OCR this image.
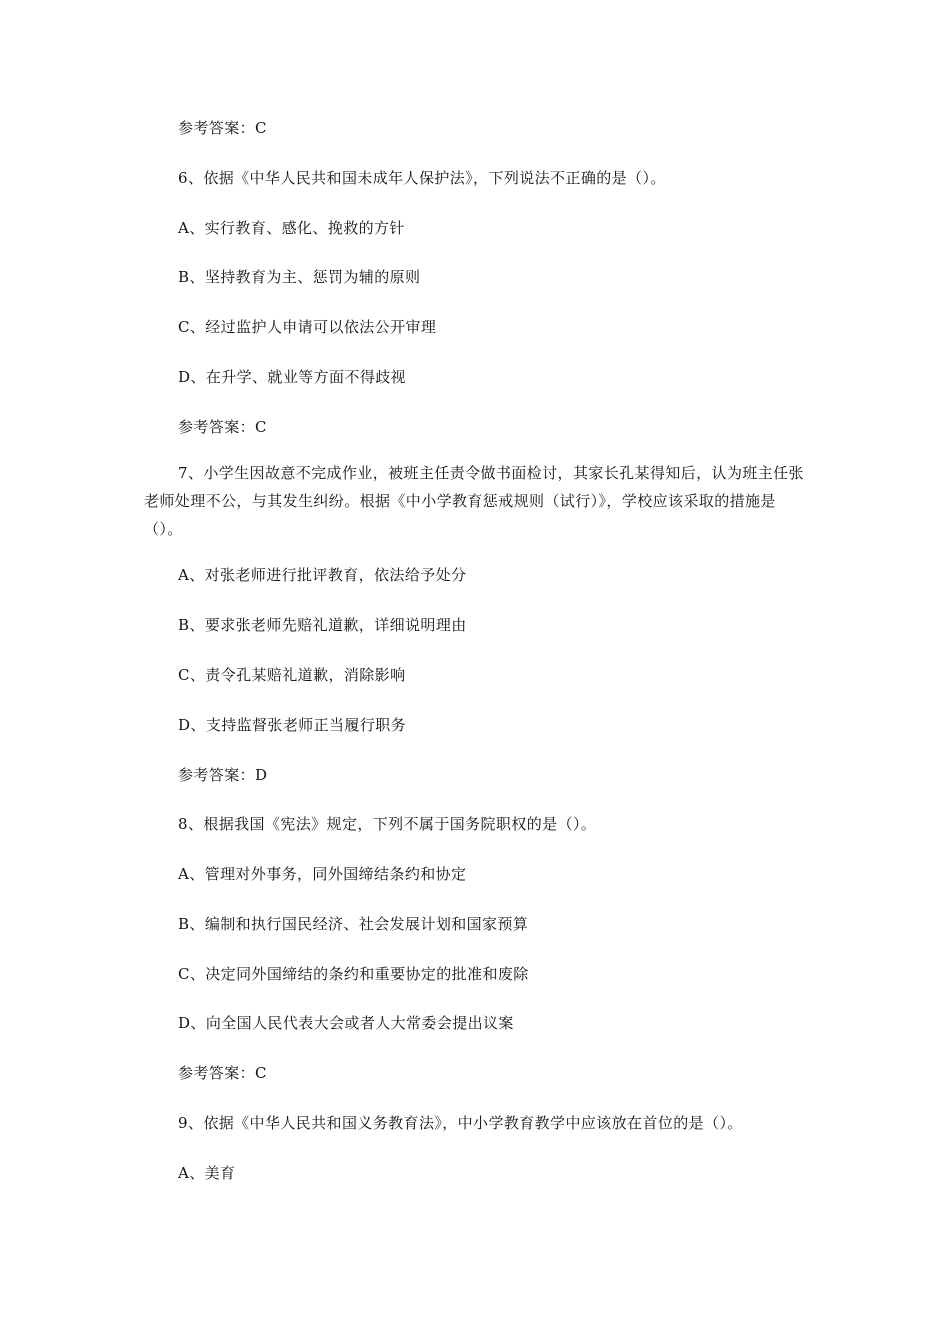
参考答案：C
6、依据《中华人民共和国未成年人保护法》，下列说法不正确的是（）。
A、实行教育、感化、挽救的方针
B、坚持教育为主、惩罚为辅的原则
C、经过监护人申请可以依法公开审理
D、在升学、就业等方面不得歧视
参考答案：C
7、小学生因故意不完成作业，被班主任责令做书面检讨，其家长孔某得知后，认为班主任张老师处理不公，与其发生纠纷。根据《中小学教育惩戒规则（试行）》，学校应该采取的措施是（）。
A、对张老师进行批评教育，依法给予处分
B、要求张老师先赔礼道歉，详细说明理由
C、责令孔某赔礼道歉，消除影响
D、支持监督张老师正当履行职务
参考答案：D
8、根据我国《宪法》规定，下列不属于国务院职权的是（）。
A、管理对外事务，同外国缔结条约和协定
B、编制和执行国民经济、社会发展计划和国家预算
C、决定同外国缔结的条约和重要协定的批准和废除
D、向全国人民代表大会或者人大常委会提出议案
参考答案：C
9、依据《中华人民共和国义务教育法》，中小学教育教学中应该放在首位的是（）。
A、美育
